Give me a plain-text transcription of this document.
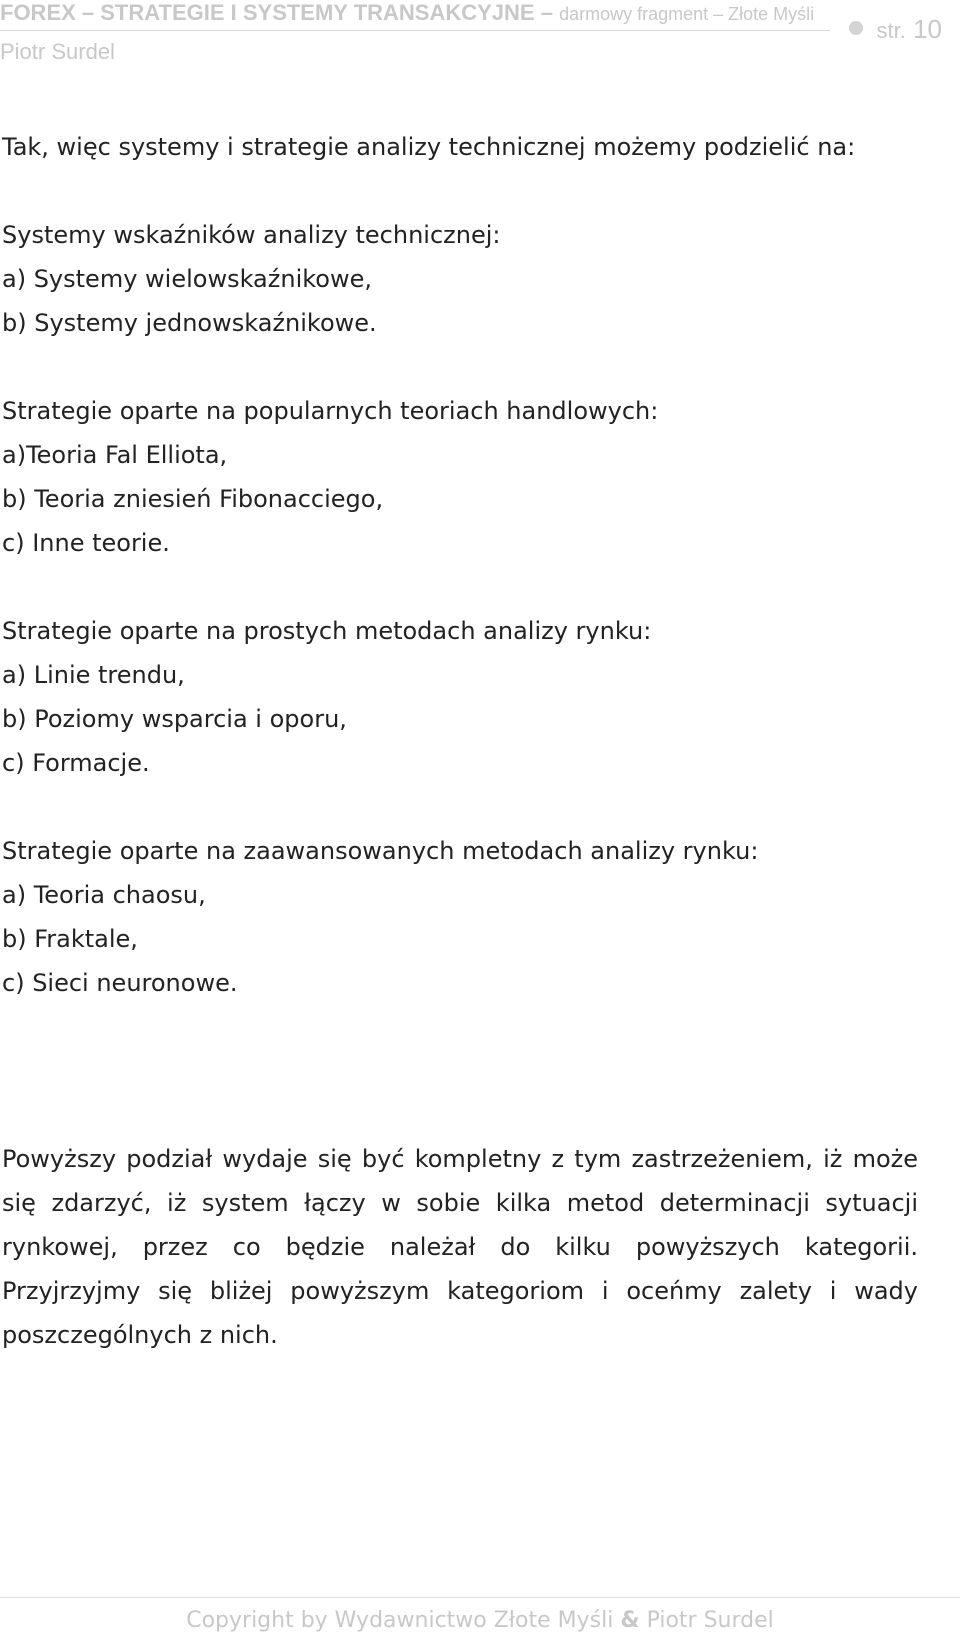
FOREX – STRATEGIE I SYSTEMY TRANSAKCYJNE – darmowy fragment – Złote Myśli
Piotr Surdel
str. 10

Tak, więc systemy i strategie analizy technicznej możemy podzielić na:

Systemy wskaźników analizy technicznej:

a) Systemy wielowskaźnikowe,

b) Systemy jednowskaźnikowe.

Strategie oparte na popularnych teoriach handlowych:

a)Teoria Fal Elliota,

b) Teoria zniesień Fibonacciego,

c) Inne teorie.

Strategie oparte na prostych metodach analizy rynku:

a) Linie trendu,

b) Poziomy wsparcia i oporu,

c) Formacje.

Strategie oparte na zaawansowanych metodach analizy rynku:

a) Teoria chaosu,

b) Fraktale,

c) Sieci neuronowe.

Powyższy podział wydaje się być kompletny z tym zastrzeżeniem, iż może się zdarzyć, iż system łączy w sobie kilka metod determinacji sytuacji rynkowej, przez co będzie należał do kilku powyższych kategorii. Przyjrzyjmy się bliżej powyższym kategoriom i oceńmy zalety i wady poszczególnych z nich.

Copyright by Wydawnictwo Złote Myśli & Piotr Surdel
